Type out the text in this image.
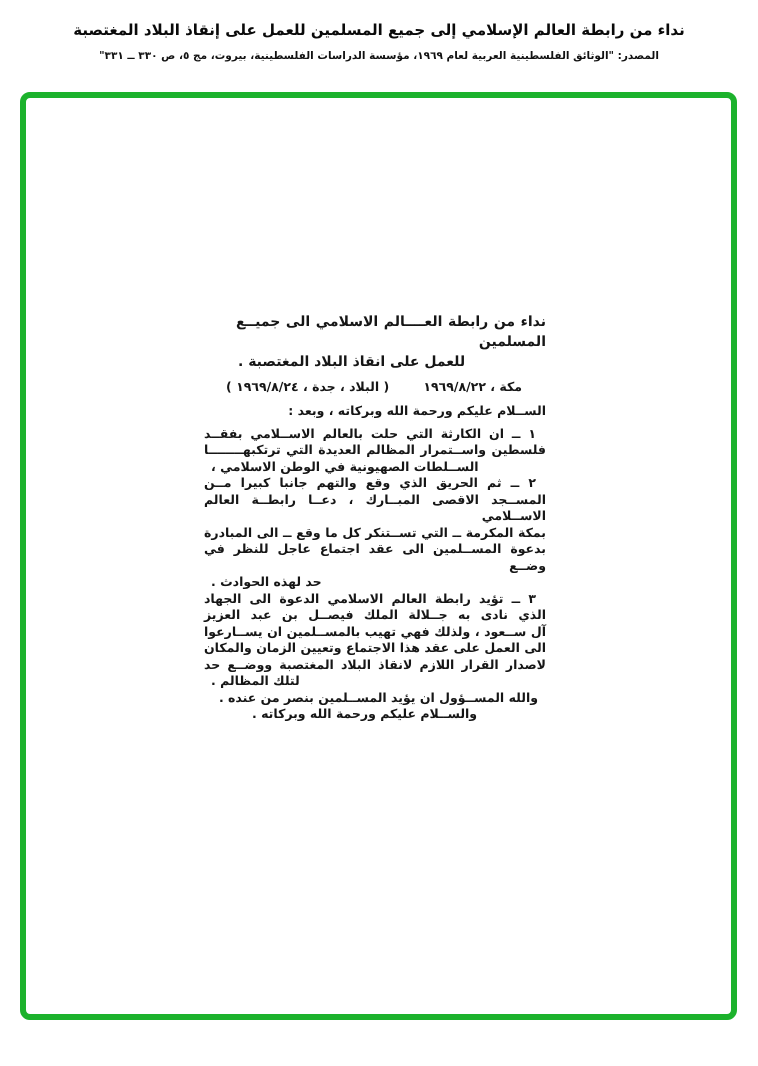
نداء من رابطة العالم الإسلامي إلى جميع المسلمين للعمل على إنقاذ البلاد المغتصبة
المصدر: "الوثائق الفلسطينية العربية لعام ١٩٦٩، مؤسسة الدراسات الفلسطينية، بيروت، مج ٥، ص ٣٣٠ ــ ٣٣١"
نداء من رابطة العــــالم الاسلامي الى جميــع المسلمين
للعمل على انقاذ البلاد المغتصبة .
مكة ، ١٩٦٩/٨/٢٢
( البلاد ، جدة ، ١٩٦٩/٨/٢٤ )
الســلام عليكم ورحمة الله وبركاته ، وبعد :
١ ــ ان الكارثة التي حلت بالعالم الاســلامي بفقــد
فلسطين واســتمرار المظالم العديدة التي ترتكبهــــــــا
الســلطات الصهيونية في الوطن الاسلامي ،
٢ ــ ثم الحريق الذي وقع والتهم جانبا كبيرا مــن
المســجد الاقصى المبــارك ، دعــا رابطــة العالم الاســلامي
بمكة المكرمة ــ التي تســتنكر كل ما وقع ــ الى المبادرة
بدعوة المســلمين الى عقد اجتماع عاجل للنظر في وضــع
حد لهذه الحوادث .
٣ ــ تؤيد رابطة العالم الاسلامي الدعوة الى الجهاد
الذي نادى به جــلالة الملك فيصــل بن عبد العزيز
آل ســعود ، ولذلك فهي تهيب بالمســلمين ان يســارعوا
الى العمل على عقد هذا الاجتماع وتعيين الزمان والمكان
لاصدار القرار اللازم لانقاذ البلاد المغتصبة ووضــع حد
لتلك المظالم .
والله المســؤول ان يؤيد المســلمين بنصر من عنده .
والســلام عليكم ورحمة الله وبركاته .
